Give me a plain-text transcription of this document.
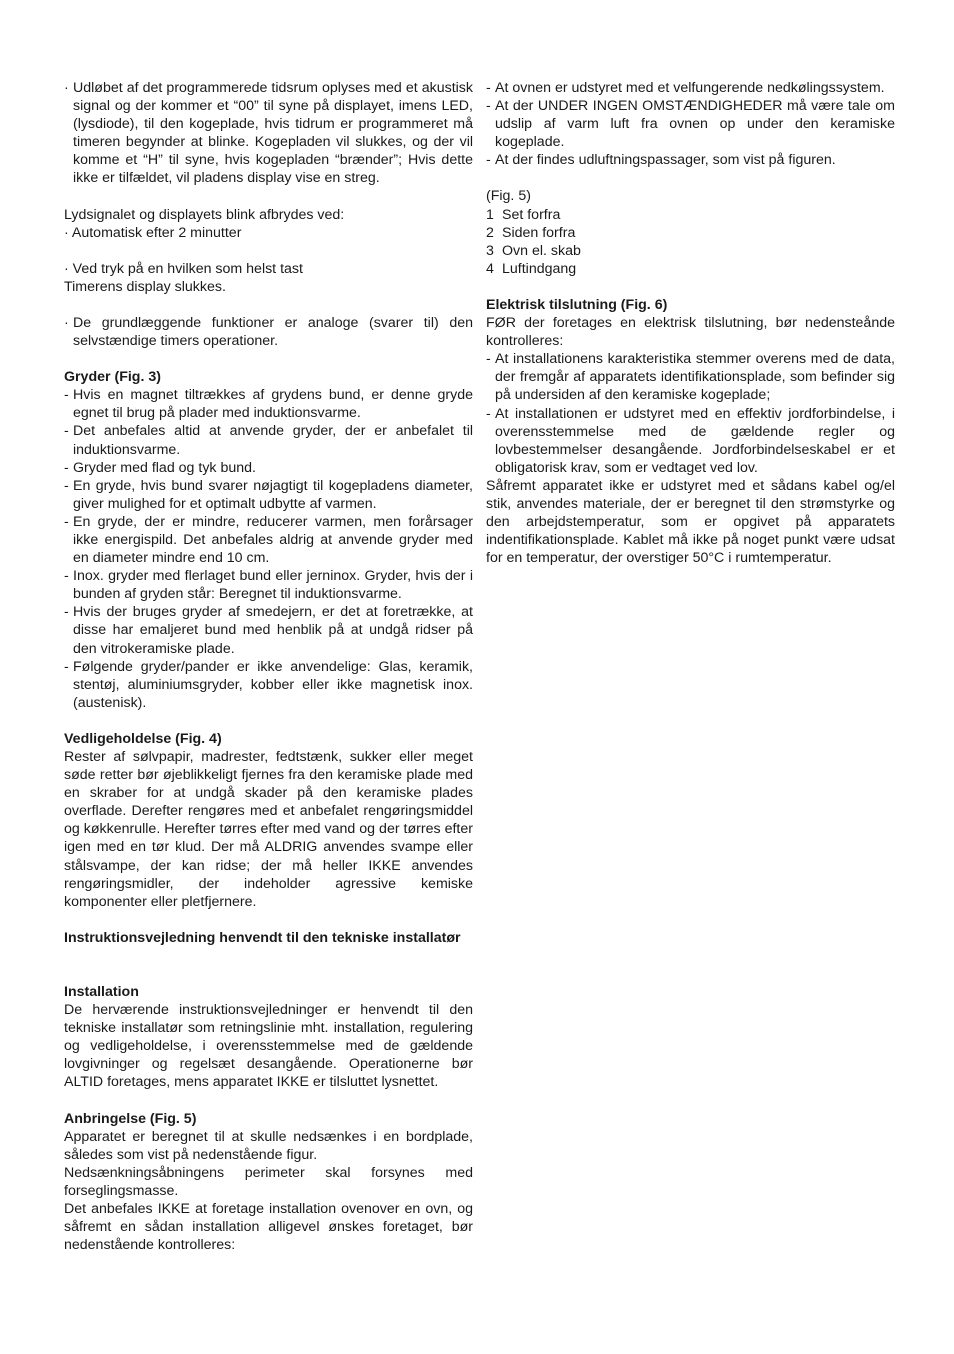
· Udløbet af det programmerede tidsrum oplyses med et akustisk signal og der kommer et “00” til syne på displayet, imens LED, (lysdiode), til den kogeplade, hvis tidrum er programmeret må timeren begynder at blinke. Kogepladen vil slukkes, og der vil komme et “H” til syne, hvis kogepladen “brænder”; Hvis dette ikke er tilfældet, vil pladens display vise en streg.

Lydsignalet og displayets blink afbrydes ved:

· Automatisk efter 2 minutter

· Ved tryk på en hvilken som helst tast

Timerens display slukkes.

· De grundlæggende funktioner er analoge (svarer til) den selvstændige timers operationer.

Gryder (Fig. 3)

- Hvis en magnet tiltrækkes af grydens bund, er denne gryde egnet til brug på plader med induktionsvarme.

- Det anbefales altid at anvende gryder, der er anbefalet til induktionsvarme.

- Gryder med flad og tyk bund.

- En gryde, hvis bund svarer nøjagtigt til kogepladens diameter, giver mulighed for et optimalt udbytte af varmen.

- En gryde, der er mindre, reducerer varmen, men forårsager ikke energispild. Det anbefales aldrig at anvende gryder med en diameter mindre end 10 cm.

- Inox. gryder med flerlaget bund eller jerninox. Gryder, hvis der i bunden af gryden står: Beregnet til induktionsvarme.

- Hvis der bruges gryder af smedejern, er det at foretrække, at disse har emaljeret bund med henblik på at undgå ridser på den vitrokeramiske plade.

- Følgende gryder/pander er ikke anvendelige: Glas, keramik, stentøj, aluminiumsgryder, kobber eller ikke magnetisk inox. (austenisk).

Vedligeholdelse (Fig. 4)

Rester af sølvpapir, madrester, fedtstænk, sukker eller meget søde retter bør øjeblikkeligt fjernes fra den keramiske plade med en skraber for at undgå skader på den keramiske plades overflade. Derefter rengøres med et anbefalet rengøringsmiddel og køkkenrulle. Herefter tørres efter med vand og der tørres efter igen med en tør klud. Der må ALDRIG anvendes svampe eller stålsvampe, der kan ridse; der må heller IKKE anvendes rengøringsmidler, der indeholder agressive kemiske komponenter eller pletfjernere.

Instruktionsvejledning henvendt til den tekniske installatør

Installation

De herværende instruktionsvejledninger er henvendt til den tekniske installatør som retningslinie mht. installation, regulering og vedligeholdelse, i overensstemmelse med de gældende lovgivninger og regelsæt desangående. Operationerne bør ALTID foretages, mens apparatet IKKE er tilsluttet lysnettet.

Anbringelse (Fig. 5)

Apparatet er beregnet til at skulle nedsænkes i en bordplade, således som vist på nedenstående figur.

Nedsænkningsåbningens perimeter skal forsynes med forseglingsmasse.

Det anbefales IKKE at foretage installation ovenover en ovn, og såfremt en sådan installation alligevel ønskes foretaget, bør nedenstående kontrolleres:

- At ovnen er udstyret med et velfungerende nedkølingssystem.

- At der UNDER INGEN OMSTÆNDIGHEDER må være tale om udslip af varm luft fra ovnen op under den keramiske kogeplade.

- At der findes udluftningspassager, som vist på figuren.

(Fig. 5)

1 Set forfra

2 Siden forfra

3 Ovn el. skab

4 Luftindgang

Elektrisk tilslutning (Fig. 6)

FØR der foretages en elektrisk tilslutning, bør nedensteånde kontrolleres:

- At installationens karakteristika stemmer overens med de data, der fremgår af apparatets identifikationsplade, som befinder sig på undersiden af den keramiske kogeplade;

- At installationen er udstyret med en effektiv jordforbindelse, i overensstemmelse med de gældende regler og lovbestemmelser desangående. Jordforbindelseskabel er et obligatorisk krav, som er vedtaget ved lov.

Såfremt apparatet ikke er udstyret med et sådans kabel og/el stik, anvendes materiale, der er beregnet til den strømstyrke og den arbejdstemperatur, som er opgivet på apparatets indentifikationsplade. Kablet må ikke på noget punkt være udsat for en temperatur, der overstiger 50°C i rumtemperatur.
